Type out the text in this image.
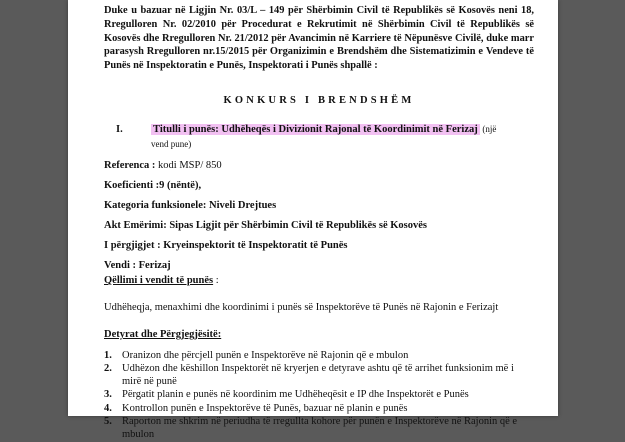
Duke u bazuar në Ligjin Nr. 03/L – 149 për Shërbimin Civil të Republikës së Kosovës neni 18, Rregulloren Nr. 02/2010 për Procedurat e Rekrutimit në Shërbimin Civil të Republikës së Kosovës dhe Rregulloren Nr. 21/2012 për Avancimin në Karriere të Nëpunësve Civilë, duke marr parasysh Rregulloren nr.15/2015 për Organizimin e Brendshëm dhe Sistematizimin e Vendeve të Punës në Inspektoratin e Punës, Inspektorati i Punës shpallë :

KONKURS I BRENDSHËM
I.	Titulli i punës: Udhëheqës i Divizionit Rajonal të Koordinimit në Ferizaj (një
vend pune)

Referenca : kodi MSP/ 850

Koeficienti :9 (nëntë),

Kategoria funksionele: Niveli Drejtues

Akt Emërimi: Sipas Ligjit për Shërbimin Civil të Republikës së Kosovës

I përgjigjet : Kryeinspektorit të Inspektoratit të Punës

Vendi : Ferizaj

Qëllimi i vendit të punës :

Udhëheqja, menaxhimi dhe koordinimi i punës së Inspektorëve të Punës në Rajonin e Ferizajt
Detyrat dhe Përgjegjësitë:
1. Oranizon dhe përcjell punën e Inspektorëve në Rajonin që e mbulon
2. Udhëzon dhe këshillon Inspektorët në kryerjen e detyrave ashtu që të arrihet funksionim më i mirë në punë
3. Përgatit planin e punës në koordinim me Udhëheqësit e IP dhe Inspektorët e Punës
4. Kontrollon punën e Inspektorëve të Punës, bazuar në planin e punës
5. Raporton me shkrim në periudha të rregullta kohore për punën e Inspektorëve në Rajonin që e mbulon
